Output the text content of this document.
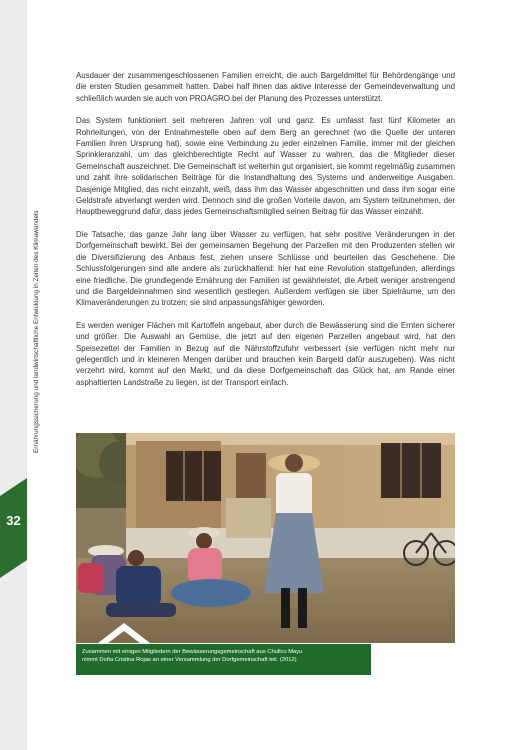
Ernährungssicherung und landwirtschaftliche Entwicklung in Zeiten des Klimawandels
32

Ausdauer der zusammengeschlossenen Familien erreicht, die auch Bargeldmittel für Behördengänge und die ersten Studien gesammelt hatten. Dabei half ihnen das aktive Interesse der Gemeindeverwaltung und schließlich wurden sie auch von PROAGRO bei der Planung des Prozesses unterstützt.

Das System funktioniert seit mehreren Jahren voll und ganz. Es umfasst fast fünf Kilometer an Rohrleitungen, von der Entnahmestelle oben auf dem Berg an gerechnet (wo die Quelle der unteren Familien ihren Ursprung hat), sowie eine Verbindung zu jeder einzelnen Familie, immer mit der gleichen Sprinkleranzahl, um das gleichberechtigte Recht auf Wasser zu wahren, das die Mitglieder dieser Gemeinschaft auszeichnet. Die Gemeinschaft ist weiterhin gut organisiert, sie kommt regelmäßig zusammen und zahlt ihre solidarischen Beiträge für die Instandhaltung des Systems und anderweitige Ausgaben. Dasjenige Mitglied, das nicht einzahlt, weiß, dass ihm das Wasser abgeschnitten und dass ihm sogar eine Geldstrafe abverlangt werden wird. Dennoch sind die großen Vorteile davon, am System teilzunehmen, der Hauptbeweggrund dafür, dass jedes Gemeinschaftsmitglied seinen Beitrag für das Wasser einzahlt.

Die Tatsache, das ganze Jahr lang über Wasser zu verfügen, hat sehr positive Veränderungen in der Dorfgemeinschaft bewirkt. Bei der gemeinsamen Begehung der Parzellen mit den Produzenten stellen wir die Diversifizierung des Anbaus fest, ziehen unsere Schlüsse und beurteilen das Geschehene. Die Schlussfolgerungen sind alle andere als zurückhaltend: hier hat eine Revolution stattgefunden, allerdings eine friedliche. Die grundlegende Ernährung der Familien ist gewährleistet, die Arbeit weniger anstrengend und die Bargeldeinnahmen sind wesentlich gestiegen. Außerdem verfügen sie über Spielräume, um den Klimaveränderungen zu trotzen; sie sind anpassungsfähiger geworden.

Es werden weniger Flächen mit Kartoffeln angebaut, aber durch die Bewässerung sind die Ernten sicherer und größer. Die Auswahl an Gemüse, die jetzt auf den eigenen Parzellen angebaut wird, hat den Speisezettel der Familien in Bezug auf die Nährstoffzufuhr verbessert (sie verfügen nicht mehr nur gelegentlich und in kleineren Mengen darüber und brauchen kein Bargeld dafür auszugeben). Was nicht verzehrt wird, kommt auf den Markt, und da diese Dorfgemeinschaft das Glück hat, am Rande einer asphaltierten Landstraße zu liegen, ist der Transport einfach.

Zusammen mit einigen Mitgliedern der Bewässerungsgemeinschaft aus Chullcu Mayu
nimmt Doña Cristina Rojas an einer Versammlung der Dorfgemeinschaft teil. (2012)
